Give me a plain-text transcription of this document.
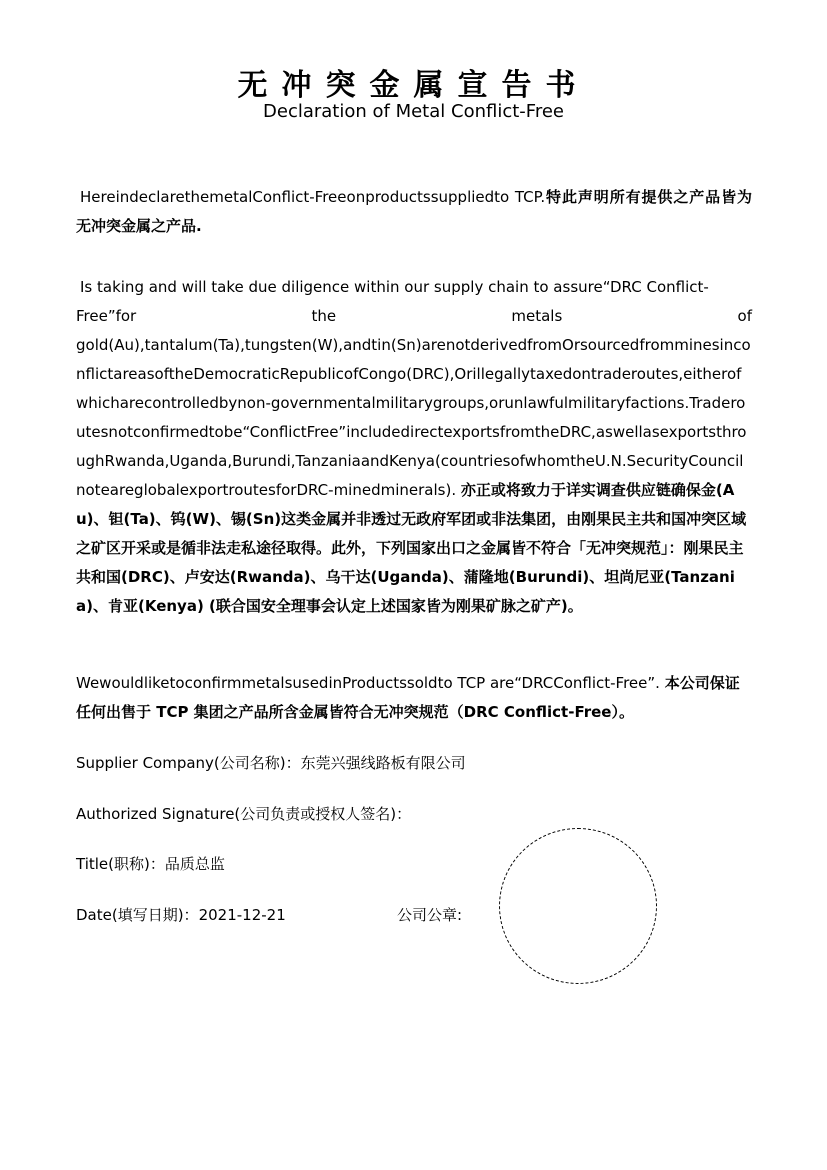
无冲突金属宣告书
Declaration of Metal Conflict-Free
HereindeclarethemetalConflict-Freeonproductssuppliedto TCP.特此声明所有提供之产品皆为无冲突金属之产品.
Is taking and will take due diligence within our supply chain to assure“DRC Conflict-
Free”for	the	metals	of
gold(Au),tantalum(Ta),tungsten(W),andtin(Sn)arenotderivedfromOrsourcedfromminesinconflictareasoftheDemocraticRepublicofCongo(DRC),Orillegallytaxedontraderoutes,eitherofwhicharecontrolledbynon-governmentalmilitarygroups,orunlawfulmilitaryfactions.Traderoutesnotconfirmedtobe“ConflictFree”includedirectexportsfromtheDRC,aswellasexportsthroughRwanda,Uganda,Burundi,TanzaniaandKenya(countriesofwhomtheU.N.SecurityCouncilnoteareglobalexportroutesforDRC-minedminerals). 亦正或将致力于详实调查供应链确保金(Au)、钽(Ta)、钨(W)、锡(Sn)这类金属并非透过无政府军团或非法集团，由刚果民主共和国冲突区域之矿区开采或是循非法走私途径取得。此外，下列国家出口之金属皆不符合「无冲突规范」：刚果民主共和国(DRC)、卢安达(Rwanda)、乌干达(Uganda)、蒲隆地(Burundi)、坦尚尼亚(Tanzania)、肯亚(Kenya) (联合国安全理事会认定上述国家皆为刚果矿脉之矿产)。
WewouldliketoconfirmmetalsusedinProductssoldto TCP are“DRCConflict-Free”. 本公司保证任何出售于 TCP 集团之产品所含金属皆符合无冲突规范（DRC Conflict-Free）。
Supplier Company(公司名称)：东莞兴强线路板有限公司
Authorized Signature(公司负责或授权人签名)：
Title(职称)：品质总监
Date(填写日期)：2021-12-21	公司公章:
